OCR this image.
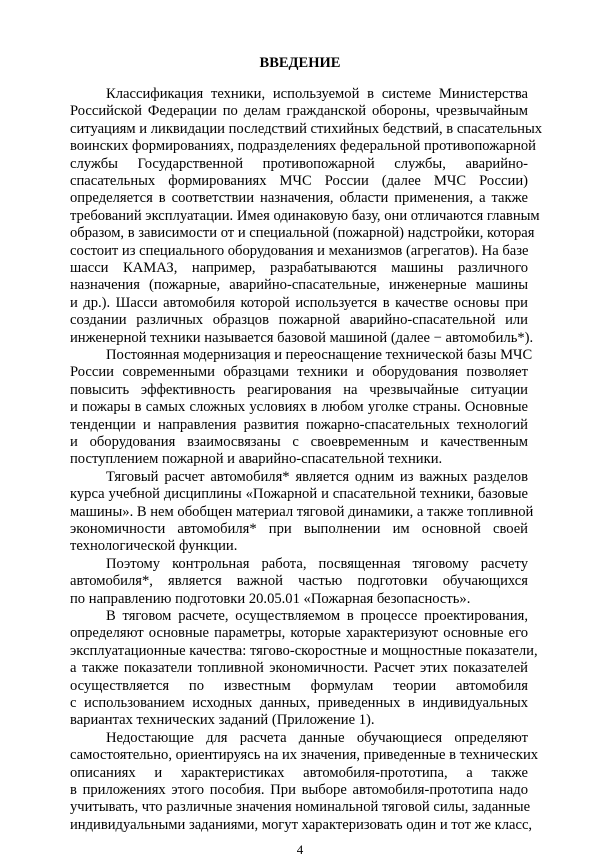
ВВЕДЕНИЕ
Классификация техники, используемой в системе Министерства
Российской Федерации по делам гражданской обороны, чрезвычайным
ситуациям и ликвидации последствий стихийных бедствий, в спасательных
воинских формированиях, подразделениях федеральной противопожарной
службы Государственной противопожарной службы, аварийно-
спасательных формированиях МЧС России (далее МЧС России)
определяется в соответствии назначения, области применения, а также
требований эксплуатации. Имея одинаковую базу, они отличаются главным
образом, в зависимости от и специальной (пожарной) надстройки, которая
состоит из специального оборудования и механизмов (агрегатов). На базе
шасси КАМАЗ, например, разрабатываются машины различного
назначения (пожарные, аварийно-спасательные, инженерные машины
и др.). Шасси автомобиля которой используется в качестве основы при
создании различных образцов пожарной аварийно-спасательной или
инженерной техники называется базовой машиной (далее − автомобиль*).
Постоянная модернизация и переоснащение технической базы МЧС
России современными образцами техники и оборудования позволяет
повысить эффективность реагирования на чрезвычайные ситуации
и пожары в самых сложных условиях в любом уголке страны. Основные
тенденции и направления развития пожарно-спасательных технологий
и оборудования взаимосвязаны с своевременным и качественным
поступлением пожарной и аварийно-спасательной техники.
Тяговый расчет автомобиля* является одним из важных разделов
курса учебной дисциплины «Пожарной и спасательной техники, базовые
машины». В нем обобщен материал тяговой динамики, а также топливной
экономичности автомобиля* при выполнении им основной своей
технологической функции.
Поэтому контрольная работа, посвященная тяговому расчету
автомобиля*, является важной частью подготовки обучающихся
по направлению подготовки 20.05.01 «Пожарная безопасность».
В тяговом расчете, осуществляемом в процессе проектирования,
определяют основные параметры, которые характеризуют основные его
эксплуатационные качества: тягово-скоростные и мощностные показатели,
а также показатели топливной экономичности. Расчет этих показателей
осуществляется по известным формулам теории автомобиля
с использованием исходных данных, приведенных в индивидуальных
вариантах технических заданий (Приложение 1).
Недостающие для расчета данные обучающиеся определяют
самостоятельно, ориентируясь на их значения, приведенные в технических
описаниях и характеристиках автомобиля-прототипа, а также
в приложениях этого пособия. При выборе автомобиля-прототипа надо
учитывать, что различные значения номинальной тяговой силы, заданные
индивидуальными заданиями, могут характеризовать один и тот же класс,
4
